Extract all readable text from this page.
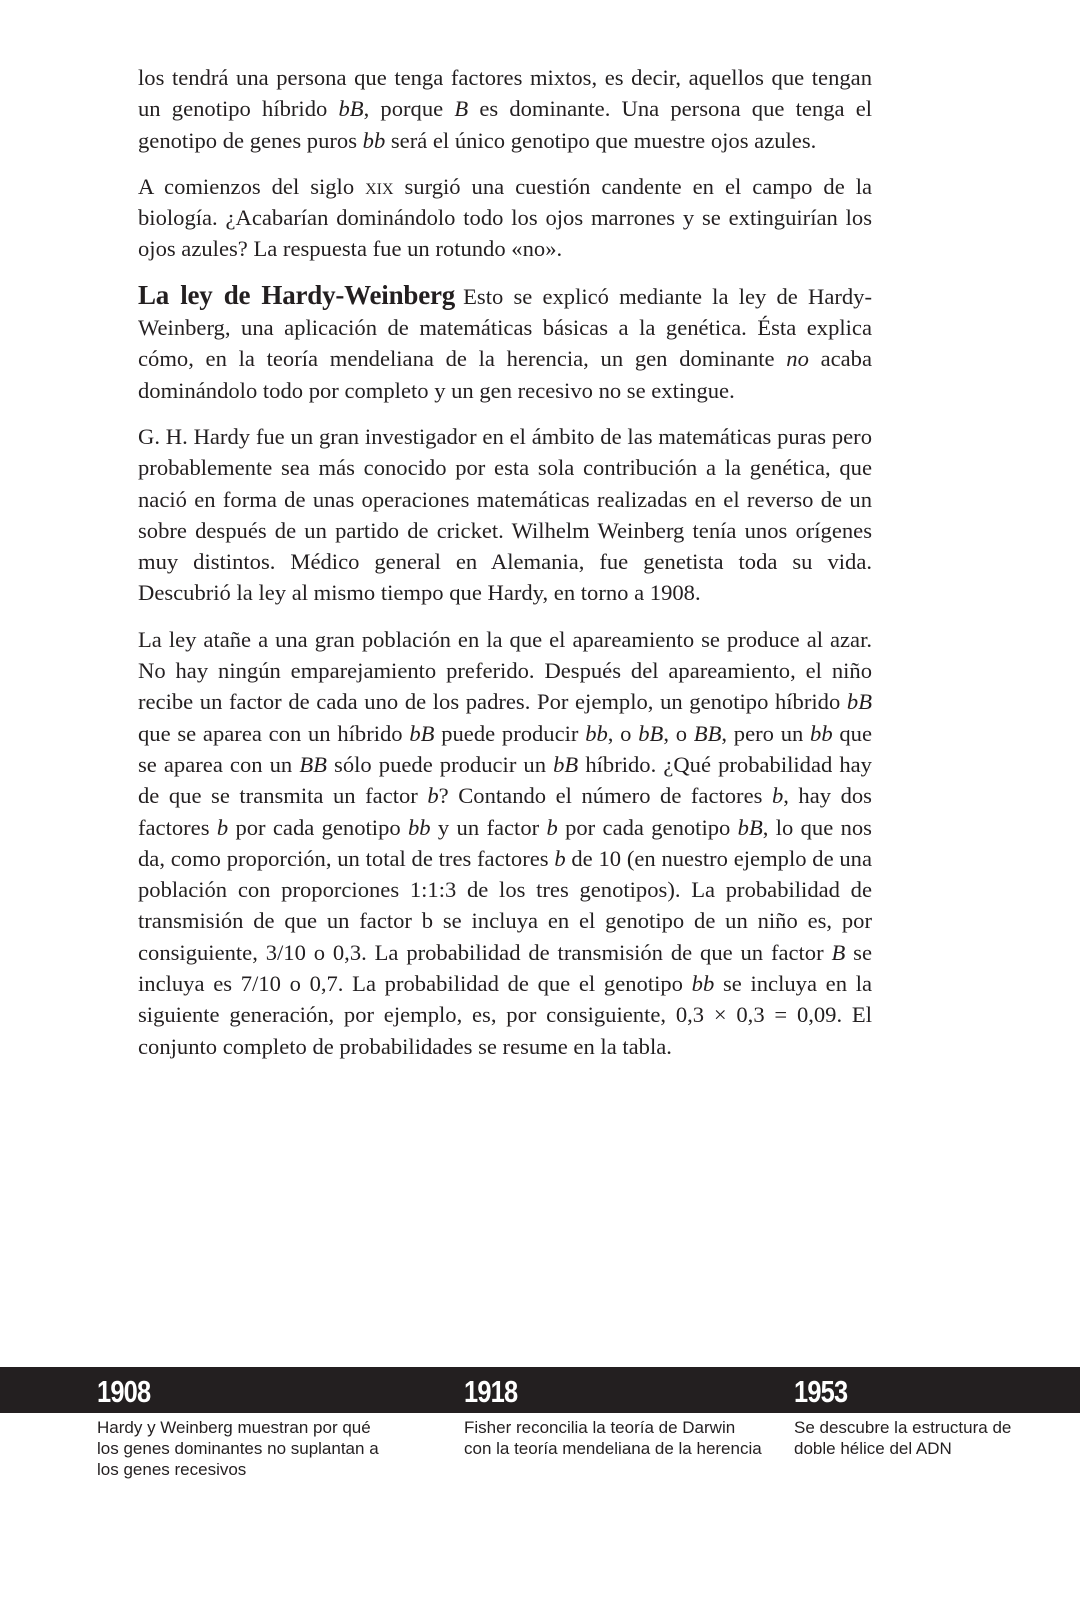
los tendrá una persona que tenga factores mixtos, es decir, aquellos que tengan un genotipo híbrido bB, porque B es dominante. Una persona que tenga el genotipo de genes puros bb será el único genotipo que muestre ojos azules.

A comienzos del siglo xix surgió una cuestión candente en el campo de la biología. ¿Acabarían dominándolo todo los ojos marrones y se extinguirían los ojos azules? La respuesta fue un rotundo «no».

La ley de Hardy-Weinberg Esto se explicó mediante la ley de Hardy-Weinberg, una aplicación de matemáticas básicas a la genética. Ésta explica cómo, en la teoría mendeliana de la herencia, un gen dominante no acaba dominándolo todo por completo y un gen recesivo no se extingue.

G. H. Hardy fue un gran investigador en el ámbito de las matemáticas puras pero probablemente sea más conocido por esta sola contribución a la genética, que nació en forma de unas operaciones matemáticas realizadas en el reverso de un sobre después de un partido de cricket. Wilhelm Weinberg tenía unos orígenes muy distintos. Médico general en Alemania, fue genetista toda su vida. Descubrió la ley al mismo tiempo que Hardy, en torno a 1908.

La ley atañe a una gran población en la que el apareamiento se produce al azar. No hay ningún emparejamiento preferido. Después del apareamiento, el niño recibe un factor de cada uno de los padres. Por ejemplo, un genotipo híbrido bB que se aparea con un híbrido bB puede producir bb, o bB, o BB, pero un bb que se aparea con un BB sólo puede producir un bB híbrido. ¿Qué probabilidad hay de que se transmita un factor b? Contando el número de factores b, hay dos factores b por cada genotipo bb y un factor b por cada genotipo bB, lo que nos da, como proporción, un total de tres factores b de 10 (en nuestro ejemplo de una población con proporciones 1:1:3 de los tres genotipos). La probabilidad de transmisión de que un factor b se incluya en el genotipo de un niño es, por consiguiente, 3/10 o 0,3. La probabilidad de transmisión de que un factor B se incluya es 7/10 o 0,7. La probabilidad de que el genotipo bb se incluya en la siguiente generación, por ejemplo, es, por consiguiente, 0,3 × 0,3 = 0,09. El conjunto completo de probabilidades se resume en la tabla.

1908
Hardy y Weinberg muestran por qué los genes dominantes no suplantan a los genes recesivos
1918
Fisher reconcilia la teoría de Darwin con la teoría mendeliana de la herencia
1953
Se descubre la estructura de doble hélice del ADN
